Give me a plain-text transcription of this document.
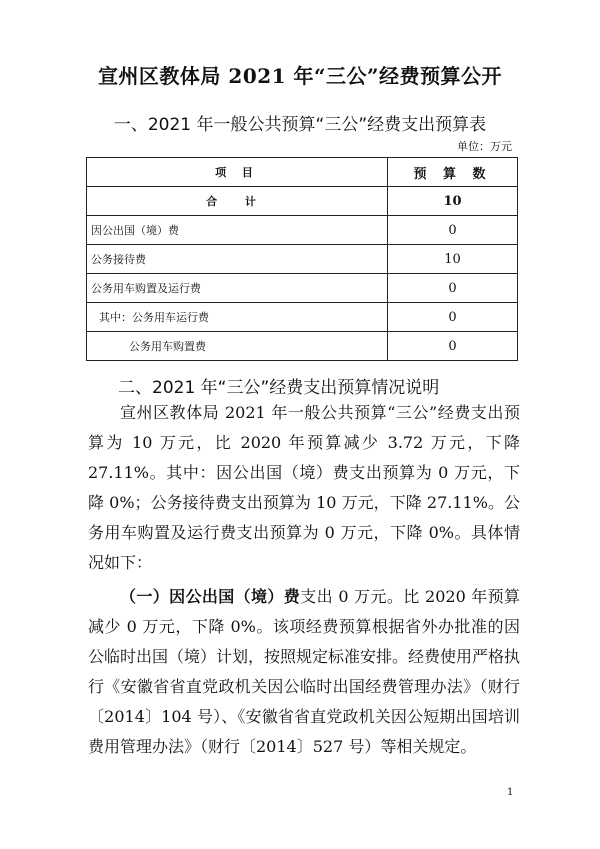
宣州区教体局 2021 年“三公”经费预算公开
一、2021 年一般公共预算“三公”经费支出预算表
单位：万元
项 目	预 算 数
合 计	10
因公出国（境）费	0
公务接待费	10
公务用车购置及运行费	0
其中：公务用车运行费	0
公务用车购置费	0
二、2021 年“三公”经费支出预算情况说明

宣州区教体局 2021 年一般公共预算“三公”经费支出预算为 10 万元，比 2020 年预算减少 3.72 万元，下降 27.11%。其中：因公出国（境）费支出预算为 0 万元，下降 0%；公务接待费支出预算为 10 万元，下降 27.11%。公务用车购置及运行费支出预算为 0 万元，下降 0%。具体情况如下：

（一）因公出国（境）费支出 0 万元。比 2020 年预算减少 0 万元，下降 0%。该项经费预算根据省外办批准的因公临时出国（境）计划，按照规定标准安排。经费使用严格执行《安徽省省直党政机关因公临时出国经费管理办法》（财行〔2014〕104 号）、《安徽省省直党政机关因公短期出国培训费用管理办法》（财行〔2014〕527 号）等相关规定。

1
